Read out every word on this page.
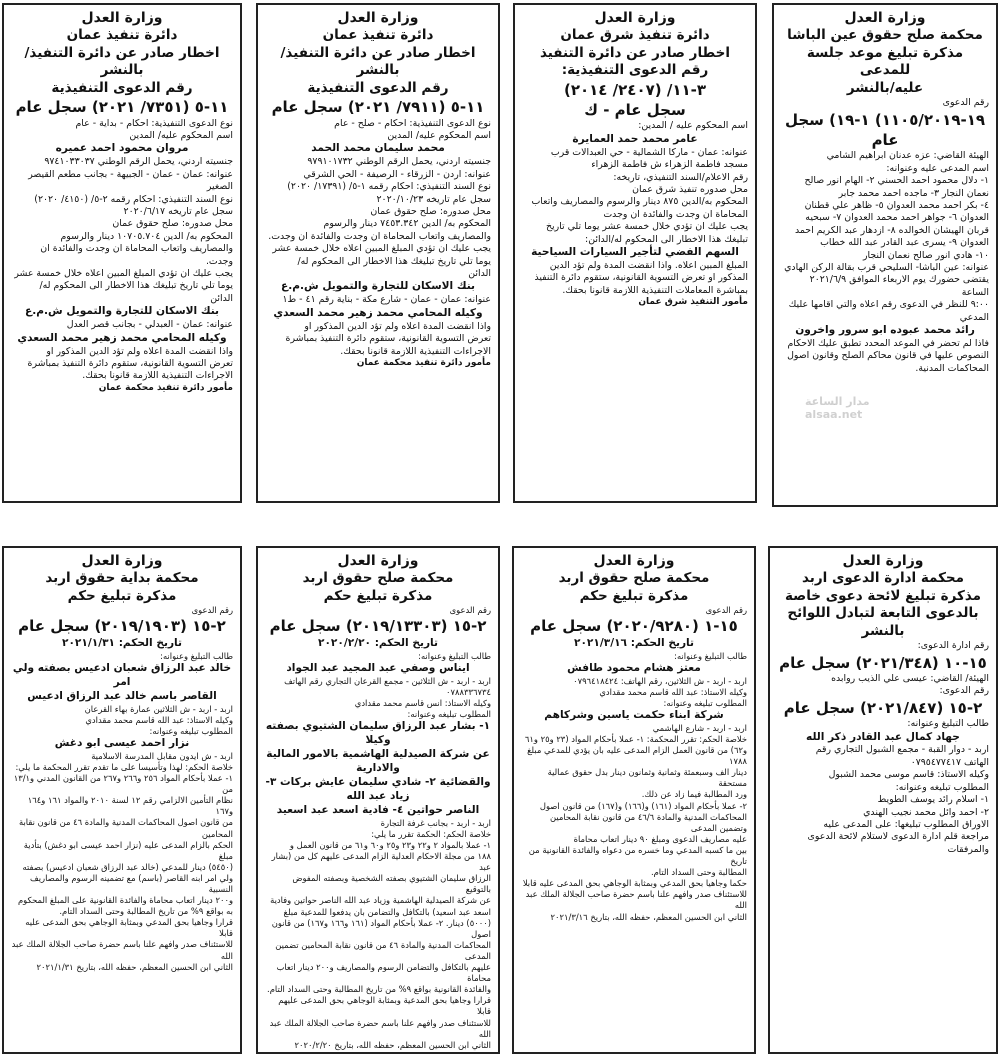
وزارة العدل
محكمة صلح حقوق عين الباشا
مذكرة تبليغ موعد جلسة للمدعى
عليه/بالنشر
رقم الدعوى
١٩-١١٠٥/٢٠١٩) ١-١٩) سجل عام
الهيئة القاضي: عزه عدنان ابراهيم الشامي
اسم المدعى عليه وعنوانه:
١- دلال محمود احمد الحسني ٢- الهام انور صالح
نعمان النجار ٣- ماجده احمد محمد جابر
٤- بكر احمد محمد العدوان ٥- ظاهر علي قطنان
العدوان ٦- جواهر احمد محمد العدوان ٧- سبحيه
قربان الهيشان الخوالده ٨- ازدهار عبد الكريم احمد
العدوان ٩- يسرى عبد القادر عبد الله خطاب
١٠- هادي انور صالح نعمان النجار
عنوانه: عين الباشا- السليحي قرب بقالة الركن الهادي
يقتضى حضورك يوم الاربعاء الموافق ٢٠٢١/٦/٩ الساعة
٩:٠٠ للنظر في الدعوى رقم اعلاه والتي اقامها عليك
المدعي
رائد محمد عبوده ابو سرور واخرون
فاذا لم تحضر في الموعد المحدد تطبق عليك الاحكام
النصوص عليها في قانون محاكم الصلح وقانون اصول
المحاكمات المدنية.
وزارة العدل
دائرة تنفيذ شرق عمان
اخطار صادر عن دائرة التنفيذ
رقم الدعوى التنفيذية:
٣-١١/ (٢٤٠٧/ ٢٠١٤)
سجل عام - ك
اسم المحكوم عليه / المدين:
عامر محمد حمد العمايرة
عنوانه: عمان - ماركا الشمالية - حي العبدالات قرب
مسجد فاطمة الزهراء ش فاطمة الزهراء
رقم الاعلام/السند التنفيذي، تاريخه:
محل صدوره تنفيذ شرق عمان
المحكوم به/الدين ٨٧٥ دينار والرسوم والمصاريف واتعاب
المحاماة ان وجدت والفائدة ان وجدت
يجب عليك ان تؤدي خلال خمسة عشر يوما تلي تاريخ
تبليغك هذا الاخطار الى المحكوم له/الدائن:
السهم الفضي لتأجير السيارات السياحية
المبلغ المبين اعلاه. واذا انقضت المدة ولم تؤد الدين
المذكور او تعرض التسوية القانونية، ستقوم دائرة التنفيذ
بمباشرة المعاملات التنفيذية اللازمة قانونا بحقك.
مأمور التنفيذ شرق عمان
وزارة العدل
دائرة تنفيذ عمان
اخطار صادر عن دائرة التنفيذ/ بالنشر
رقم الدعوى التنفيذية
١١-٥ (٧٩١١/ ٢٠٢١) سجل عام
نوع الدعوى التنفيذية: احكام - صلح - عام
اسم المحكوم عليه/ المدين
محمد سليمان محمد الحمد
جنسيته اردني، يحمل الرقم الوطني ٩٧٩١٠١٧٣٢
عنوانه: اردن - الزرقاء - الرصيفة - الحي الشرقي
نوع السند التنفيذي: احكام رقمه ١-٥/ (١٧٣٩١/ ٢٠٢٠)
سجل عام تاريخه ٢٠٢٠/١٠/٢٣
محل صدوره: صلح حقوق عمان
المحكوم به/ الدين ٧٤٥٣.٣٤٢ دينار والرسوم
والمصاريف واتعاب المحاماة ان وجدت والفائدة ان وجدت.
يجب عليك ان تؤدي المبلغ المبين اعلاه خلال خمسة عشر
يوما تلي تاريخ تبليغك هذا الاخطار الى المحكوم له/
الدائن
بنك الاسكان للتجارة والتمويل ش.م.ع
عنوانه: عمان - عمان - شارع مكة - بناية رقم ٤١ - ط١
وكيله المحامي محمد زهير محمد السعدي
واذا انقضت المدة اعلاه ولم تؤد الدين المذكور او
تعرض التسوية القانونية، ستقوم دائرة التنفيذ بمباشرة
الاجراءات التنفيذية اللازمة قانونا بحقك.
مأمور دائرة تنفيذ محكمة عمان
وزارة العدل
دائرة تنفيذ عمان
اخطار صادر عن دائرة التنفيذ/ بالنشر
رقم الدعوى التنفيذية
١١-٥ (٧٣٥١/ ٢٠٢١) سجل عام
نوع الدعوى التنفيذية: احكام - بداية - عام
اسم المحكوم عليه/ المدين
مروان محمود احمد عميره
جنسيته اردني، يحمل الرقم الوطني ٩٧٤١٠٣٣٠٣٧
عنوانه: عمان - عمان - الجبيهة - بجانب مطعم القيصر
الصغير
نوع السند التنفيذي: احكام رقمه ٢-٥/ (٤١٥٠/ ٢٠٢٠)
سجل عام تاريخه ٢٠٢٠/٦/١٧
محل صدوره: صلح حقوق عمان
المحكوم به/ الدين ١٠٧٠٥.٧٠٤ دينار والرسوم
والمصاريف واتعاب المحاماة ان وجدت والفائدة ان وجدت.
يجب عليك ان تؤدي المبلغ المبين اعلاه خلال خمسة عشر
يوما تلي تاريخ تبليغك هذا الاخطار الى المحكوم له/
الدائن
بنك الاسكان للتجارة والتمويل ش.م.ع
عنوانه: عمان - العبدلي - بجانب قصر العدل
وكيله المحامي محمد زهير محمد السعدي
واذا انقضت المدة اعلاه ولم تؤد الدين المذكور او
تعرض التسوية القانونية، ستقوم دائرة التنفيذ بمباشرة
الاجراءات التنفيذية اللازمة قانونا بحقك.
مأمور دائرة تنفيذ محكمة عمان
وزارة العدل
محكمة ادارة الدعوى اربد
مذكرة تبليغ لائحة دعوى خاصة
بالدعوى التابعة لتبادل اللوائح بالنشر
رقم ادارة الدعوى:
١٥-١٠ (٢٠٢١/٣٤٨) سجل عام
الهيئة/ القاضي: عيسى علي الذيب روابده
رقم الدعوى:
٢-١٥ (٢٠٢١/٨٤٧) سجل عام
طالب التبليغ وعنوانه:
جهاد كمال عبد القادر ذكر الله
اربد - دوار القبة - مجمع الشبول التجاري رقم
الهاتف ٠٧٩٥٤٧٧٤١٧
وكيله الاستاذ: قاسم موسى محمد الشبول
المطلوب تبليغه وعنوانه:
١- اسلام رائد يوسف الطويط
٢- احمد وائل محمد نجيب الهندي
الاوراق المطلوب تبليغها: على المدعى عليه
مراجعة قلم ادارة الدعوى لاستلام لائحة الدعوى
والمرفقات
وزارة العدل
محكمة صلح حقوق اربد
مذكرة تبليغ حكم
رقم الدعوى
١٥-١ (٢٠٢٠/٩٢٨٠) سجل عام
تاريخ الحكم: ٢٠٢١/٣/١٦
طالب التبليغ وعنوانه:
معتز هشام محمود طافش
اربد - اربد - ش الثلاثين، رقم الهاتف: ٠٧٩٦٤١٨٤٢٤
وكيله الاستاذ: عبد الله قاسم محمد مقدادي
المطلوب تبليغه وعنوانه:
شركة ابناء حكمت ياسين وشركاهم
اربد - اربد - شارع الهاشمي
خلاصة الحكم: تقرر المحكمة: ١- عملا بأحكام المواد (٢٣ و٢٥ و٦١
و٦٢) من قانون العمل الزام المدعى عليه بان يؤدي للمدعي مبلغ ١٧٨٨
دينار الف وسبعمئة وثمانية وثمانون دينار بدل حقوق عمالية مستحقة
ورد المطالبة فيما زاد عن ذلك.
٢- عملا بأحكام المواد (١٦١) و(١٦٦) و(١٦٧) من قانون اصول
المحاكمات المدنية والمادة ٤٦/٦ من قانون نقابة المحامين وتضمين المدعى
عليه مصاريف الدعوى ومبلغ ٩٠ دينار اتعاب محاماة
بين ما كسبه المدعي وما خسره من دعواه والفائدة القانونية من تاريخ
المطالبة وحتى السداد التام.
حكما وجاهيا بحق المدعي وبمثابة الوجاهي بحق المدعى عليه قابلا
للاستئناف صدر وافهم علنا باسم حضرة صاحب الجلالة الملك عبد الله
الثاني ابن الحسين المعظم، حفظه الله، بتاريخ ٢٠٢١/٣/١٦
وزارة العدل
محكمة صلح حقوق اربد
مذكرة تبليغ حكم
رقم الدعوى
٢-١٥ (٢٠١٩/١٣٣٠٣) سجل عام
تاريخ الحكم: ٢٠٢٠/٢/٢٠
طالب التبليغ وعنوانه:
ايناس وصفي عبد المجيد عبد الجواد
اربد - اربد - ش الثلاثين - مجمع القرعان التجاري رقم الهاتف
٠٧٨٨٣٣٦٧٣٤
وكيله الاستاذ: انس قاسم محمد مقدادي
المطلوب تبليغه وعنوانه:
١- بشار عبد الرزاق سليمان الشتيوي بصفته وكيلا
عن شركة الصيدلية الهاشمية بالامور المالية والادارية
والقضائية ٢- شادي سليمان عايش بركات ٣- زياد عبد الله
الناصر حواتين ٤- فادية اسعد عبد اسعيد
اربد - اربد - بجانب غرفة التجارة
خلاصة الحكم: الحكمة تقرر ما يلي:
١- عملا بالمواد ٢ و٢٢ و٢٣ و٢٥ و٦٠ و٦١ من قانون العمل و
١٨٨ من مجلة الاحكام العدلية الزام المدعى عليهم كل من (بشار عبد
الرزاق سليمان الشتيوي بصفته الشخصية وبصفته المفوض بالتوقيع
عن شركة الصيدلية الهاشمية وزياد عبد الله الناصر حواتين وفادية
اسعد عبد اسعيد) بالتكافل والتضامن بان يدفعوا للمدعية مبلغ
(٥٠٠٠) دينار. ٢- عملا بأحكام المواد (١٦١ و١٦٦ و١٦٧) من قانون اصول
المحاكمات المدنية والمادة ٤٦ من قانون نقابة المحامين تضمين المدعى
عليهم بالتكافل والتضامن الرسوم والمصاريف و٢٠٠ دينار اتعاب محاماة
والفائدة القانونية بواقع ٩% من تاريخ المطالبة وحتى السداد التام.
قرارا وجاهيا بحق المدعية وبمثابة الوجاهي بحق المدعى عليهم قابلا
للاستئناف صدر وافهم علنا باسم حضرة صاحب الجلالة الملك عبد الله
الثاني ابن الحسين المعظم، حفظه الله، بتاريخ ٢٠٢٠/٢/٢٠
وزارة العدل
محكمة بداية حقوق اربد
مذكرة تبليغ حكم
رقم الدعوى
٢-١٥ (٢٠١٩/١٩٠٣) سجل عام
تاريخ الحكم: ٢٠٢١/١/٣١
طالب التبليغ وعنوانه:
خالد عبد الرزاق شعبان ادعيس بصفته ولي امر
القاصر باسم خالد عبد الرزاق ادعيس
اربد - اربد - ش الثلاثين عمارة بهاء القرعان
وكيله الاستاذ: عبد الله قاسم محمد مقدادي
المطلوب تبليغه وعنوانه:
نزار احمد عيسى ابو دغش
اربد - ش ايدون مقابل المدرسة الاسلامية
خلاصة الحكم: لهذا وتأسيسا على ما تقدم تقرر المحكمة ما يلي:
١- عملا بأحكام المواد ٢٥٦ و٢٦٦ و٢٦٧ من القانون المدني و١٣/١ من
نظام التأمين الالزامي رقم ١٢ لسنة ٢٠١٠ والمواد ١٦١ و١٦٤ و١٦٧
من قانون اصول المحاكمات المدنية والمادة ٤٦ من قانون نقابة المحامين
الحكم بالزام المدعى عليه (نزار احمد عيسى ابو دغش) بتأدية مبلغ
(٥٤٥٠) دينار للمدعي (خالد عبد الرزاق شعبان ادعيس) بصفته
ولي امر ابنه القاصر (باسم) مع تضمينه الرسوم والمصاريف النسبية
و٢٠٠ دينار اتعاب محاماة والفائدة القانونية على المبلغ المحكوم
به بواقع ٩% من تاريخ المطالبة وحتى السداد التام.
قرارا وجاهيا بحق المدعي وبمثابة الوجاهي بحق المدعى عليه قابلا
للاستئناف صدر وافهم علنا باسم حضرة صاحب الجلالة الملك عبد الله
الثاني ابن الحسين المعظم، حفظه الله، بتاريخ ٢٠٢١/١/٣١
مدار الساعة
alsaa.net
